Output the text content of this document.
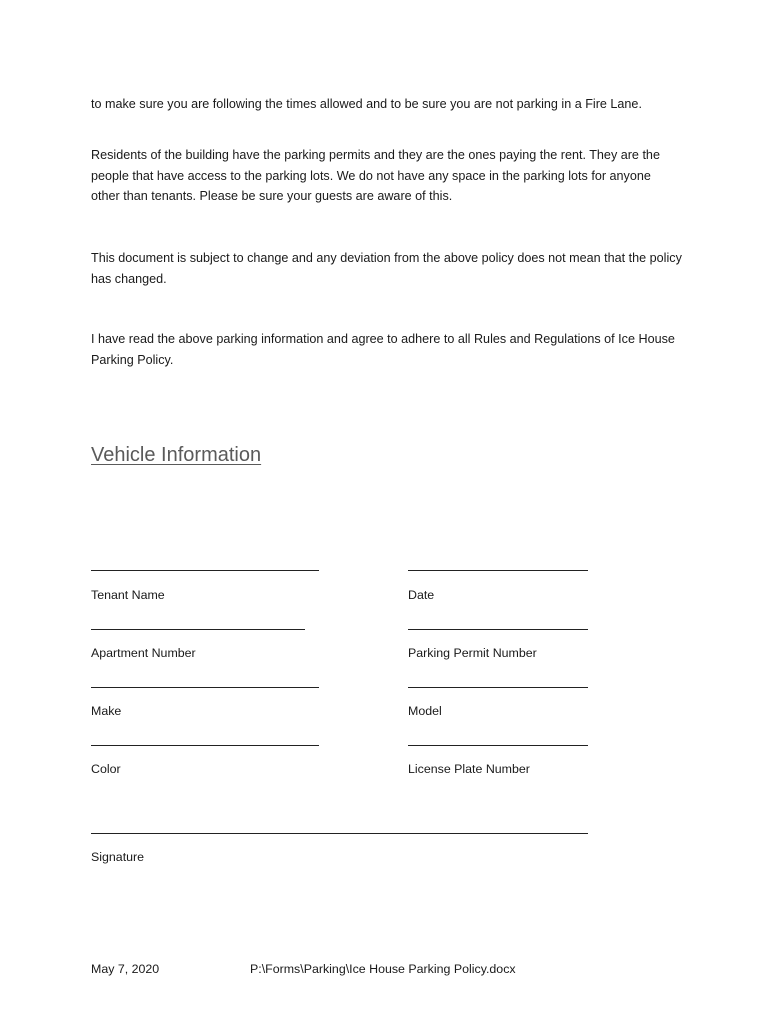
to make sure you are following the times allowed and to be sure you are not parking in a Fire Lane.

Residents of the building have the parking permits and they are the ones paying the rent. They are the people that have access to the parking lots. We do not have any space in the parking lots for anyone other than tenants. Please be sure your guests are aware of this.

This document is subject to change and any deviation from the above policy does not mean that the policy has changed.

I have read the above parking information and agree to adhere to all Rules and Regulations of Ice House Parking Policy.

Vehicle Information
Tenant Name	Date
Apartment Number	Parking Permit Number
Make	Model
Color	License Plate Number
Signature
May 7, 2020	P:\Forms\Parking\Ice House Parking Policy.docx
